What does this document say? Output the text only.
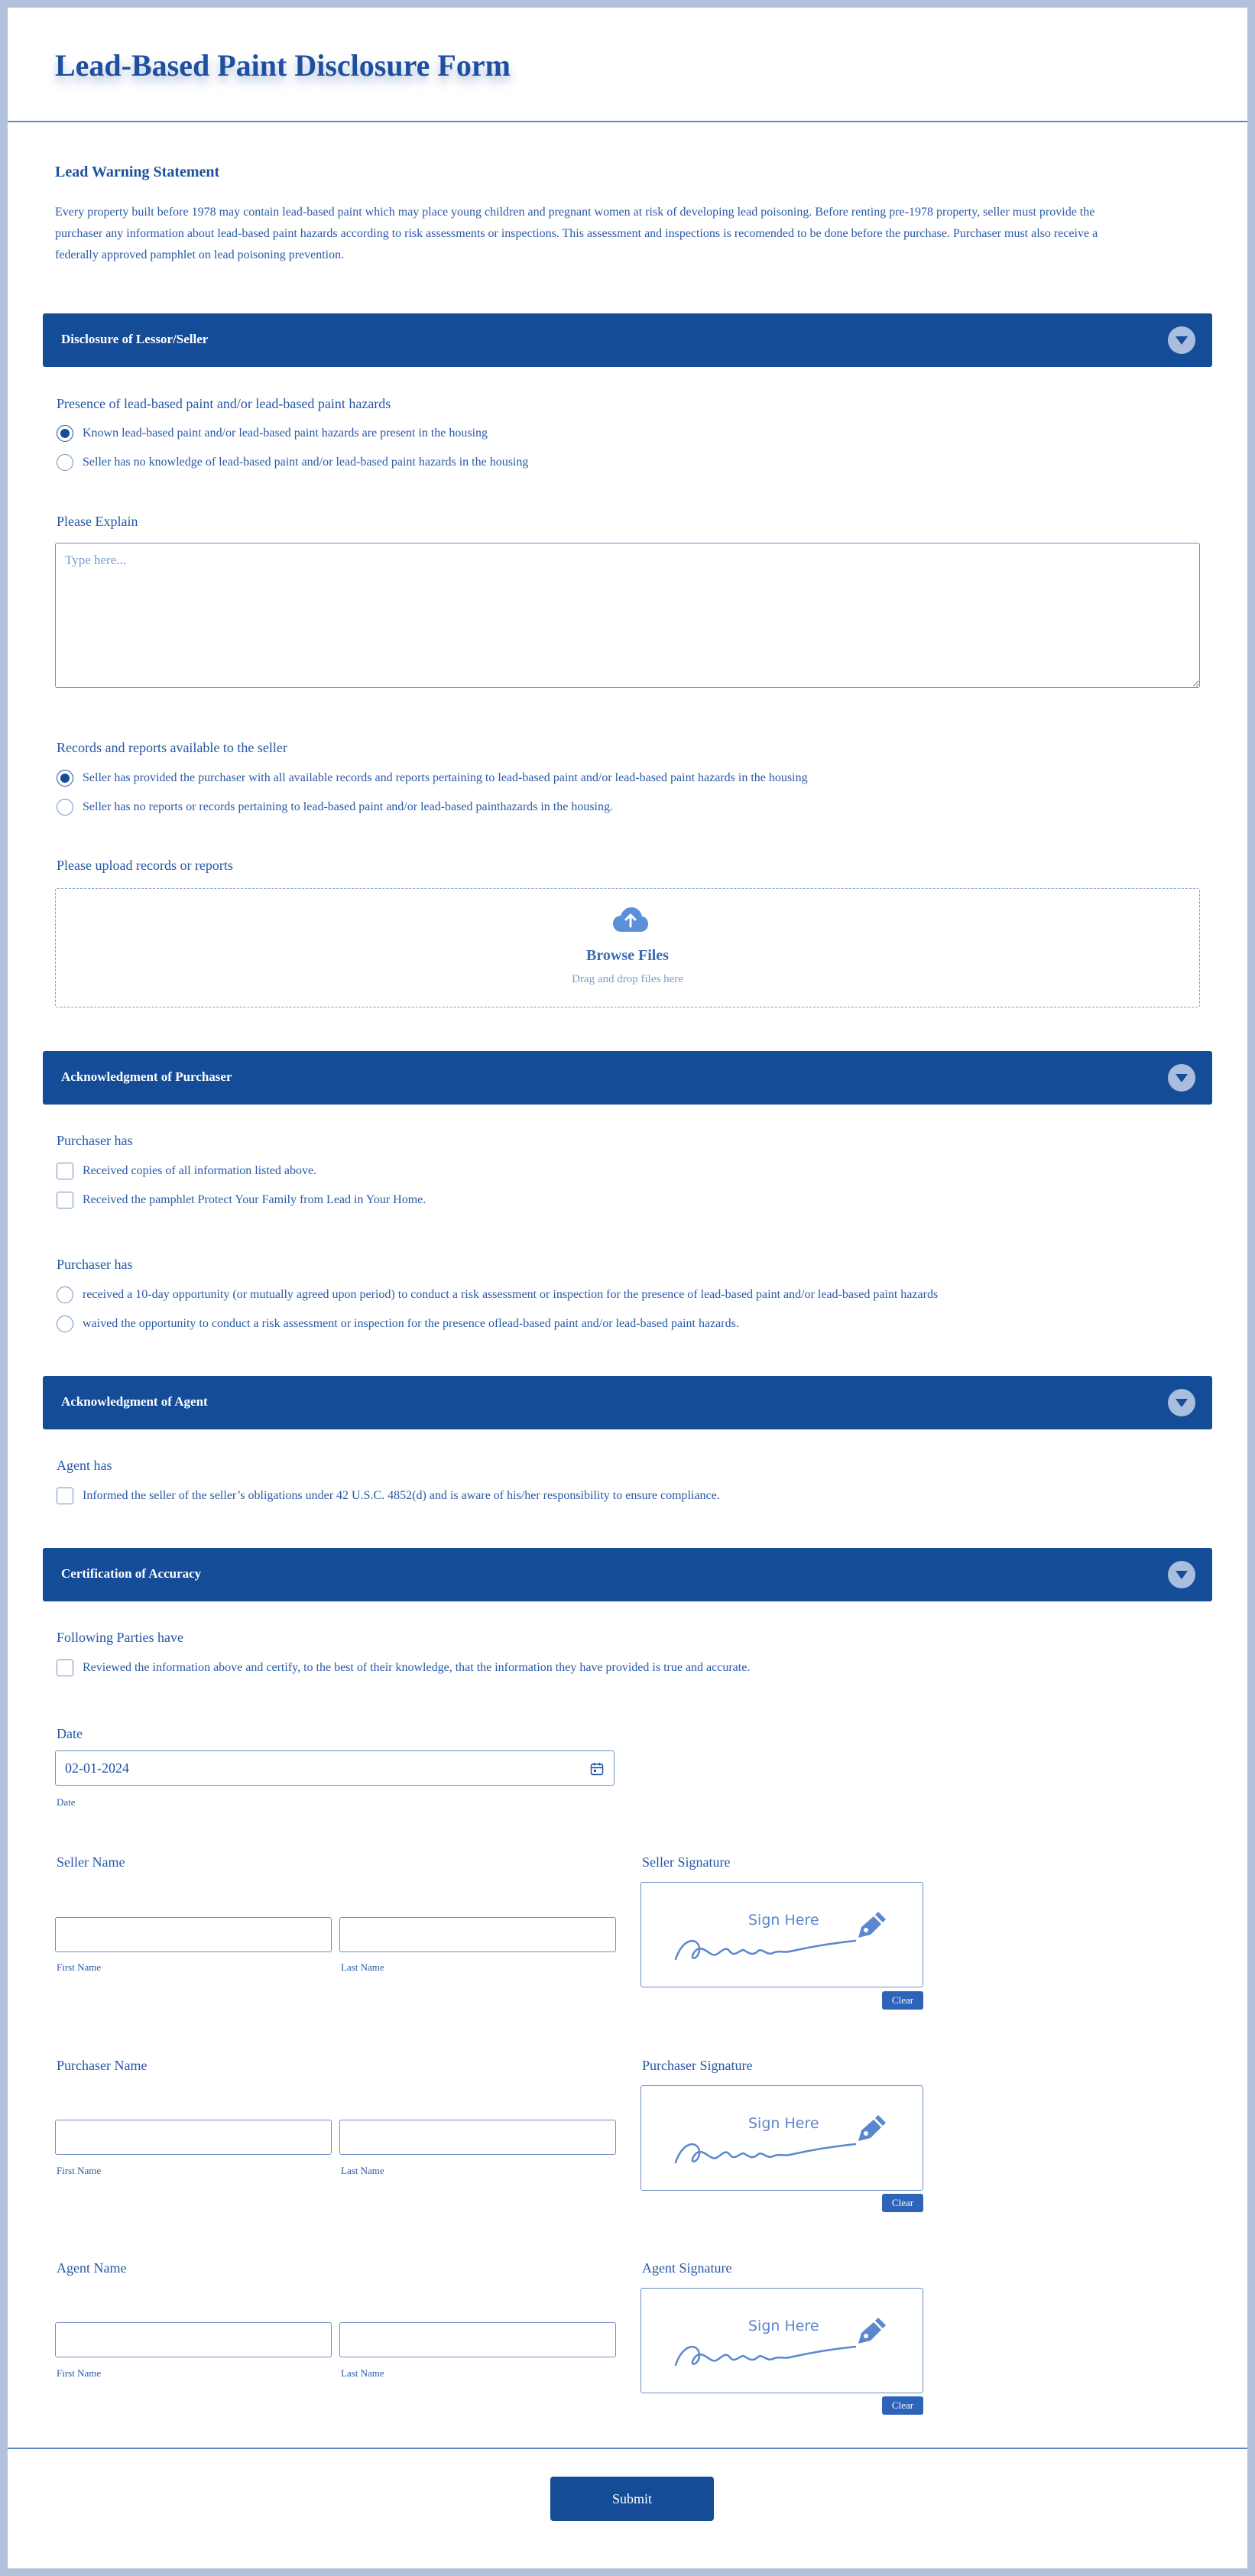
Lead-Based Paint Disclosure Form
Lead Warning Statement
Every property built before 1978 may contain lead-based paint which may place young children and pregnant women at risk of developing lead poisoning. Before renting pre-1978 property, seller must provide the purchaser any information about lead-based paint hazards according to risk assessments or inspections. This assessment and inspections is recomended to be done before the purchase. Purchaser must also receive a federally approved pamphlet on lead poisoning prevention.
Disclosure of Lessor/Seller
Presence of lead-based paint and/or lead-based paint hazards
Known lead-based paint and/or lead-based paint hazards are present in the housing
Seller has no knowledge of lead-based paint and/or lead-based paint hazards in the housing
Please Explain
Type here...
Records and reports available to the seller
Seller has provided the purchaser with all available records and reports pertaining to lead-based paint and/or lead-based paint hazards in the housing
Seller has no reports or records pertaining to lead-based paint and/or lead-based painthazards in the housing.
Please upload records or reports
Browse Files
Drag and drop files here
Acknowledgment of Purchaser
Purchaser has
Received copies of all information listed above.
Received the pamphlet Protect Your Family from Lead in Your Home.
Purchaser has
received a 10-day opportunity (or mutually agreed upon period) to conduct a risk assessment or inspection for the presence of lead-based paint and/or lead-based paint hazards
waived the opportunity to conduct a risk assessment or inspection for the presence oflead-based paint and/or lead-based paint hazards.
Acknowledgment of Agent
Agent has
Informed the seller of the seller’s obligations under 42 U.S.C. 4852(d) and is aware of his/her responsibility to ensure compliance.
Certification of Accuracy
Following Parties have
Reviewed the information above and certify, to the best of their knowledge, that the information they have provided is true and accurate.
Date
02-01-2024
Date
Seller Name
First Name	Last Name
Seller Signature
Sign Here
Clear
Purchaser Name
First Name	Last Name
Purchaser Signature
Sign Here
Clear
Agent Name
First Name	Last Name
Agent Signature
Sign Here
Clear
Submit
